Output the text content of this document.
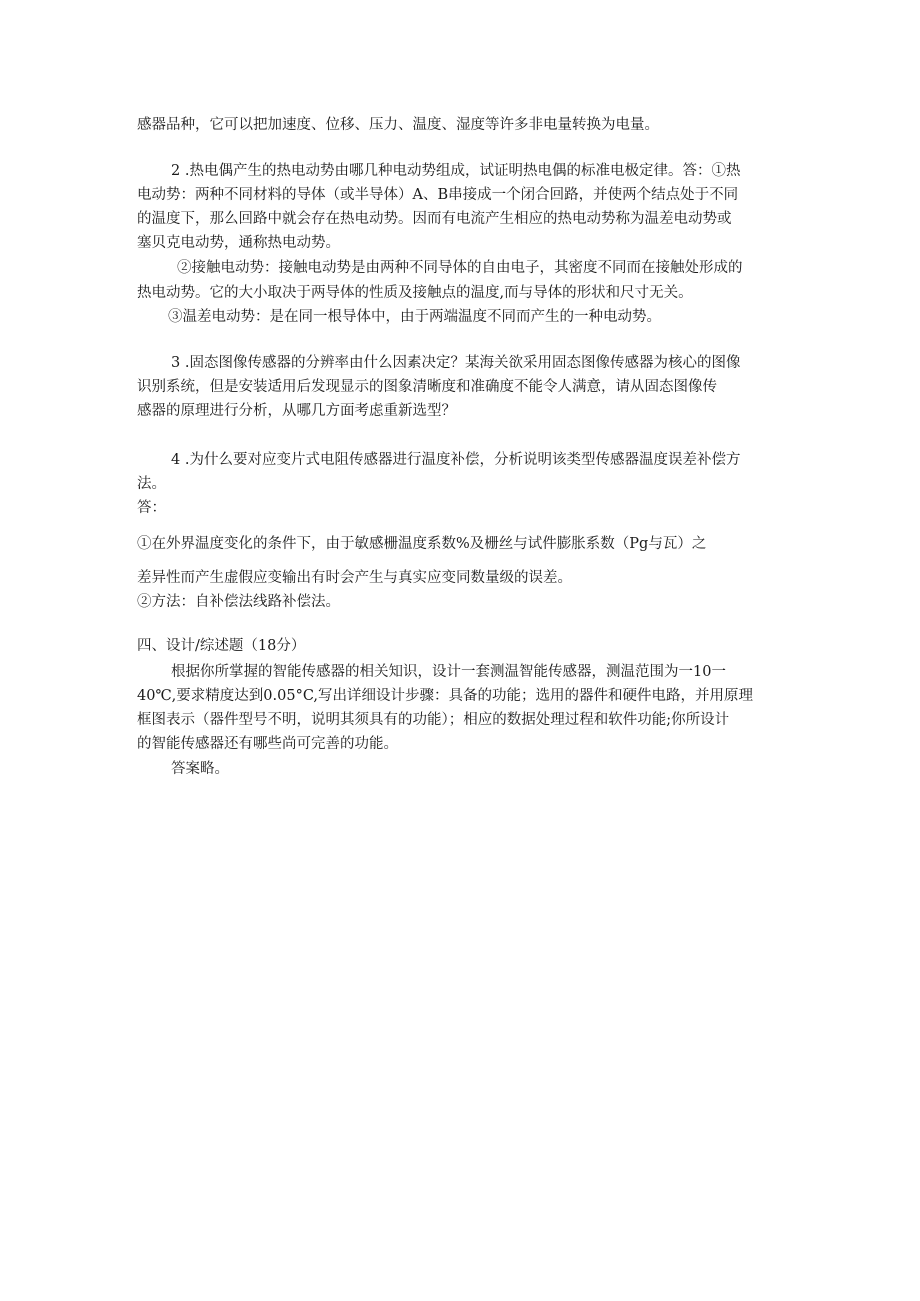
感器品种，它可以把加速度、位移、压力、温度、湿度等许多非电量转换为电量。
2 .热电偶产生的热电动势由哪几种电动势组成，试证明热电偶的标准电极定律。答：①热
电动势：两种不同材料的导体（或半导体）A、B串接成一个闭合回路，并使两个结点处于不同
的温度下，那么回路中就会存在热电动势。因而有电流产生相应的热电动势称为温差电动势或
塞贝克电动势，通称热电动势。
②接触电动势：接触电动势是由两种不同导体的自由电子，其密度不同而在接触处形成的
热电动势。它的大小取决于两导体的性质及接触点的温度,而与导体的形状和尺寸无关。
③温差电动势：是在同一根导体中，由于两端温度不同而产生的一种电动势。
3 .固态图像传感器的分辨率由什么因素决定？某海关欲采用固态图像传感器为核心的图像
识别系统，但是安装适用后发现显示的图象清晰度和准确度不能令人满意，请从固态图像传
感器的原理进行分析，从哪几方面考虑重新选型？
4 .为什么要对应变片式电阻传感器进行温度补偿，分析说明该类型传感器温度误差补偿方
法。
答：
①在外界温度变化的条件下，由于敏感栅温度系数%及栅丝与试件膨胀系数（Pg与瓦）之
差异性而产生虚假应变输出有时会产生与真实应变同数量级的误差。
②方法：自补偿法线路补偿法。
四、设计/综述题（18分）
根据你所掌握的智能传感器的相关知识，设计一套测温智能传感器，测温范围为一10一
40℃,要求精度达到0.05°C,写出详细设计步骤：具备的功能；选用的器件和硬件电路，并用原理
框图表示（器件型号不明，说明其须具有的功能）；相应的数据处理过程和软件功能;你所设计
的智能传感器还有哪些尚可完善的功能。
答案略。
